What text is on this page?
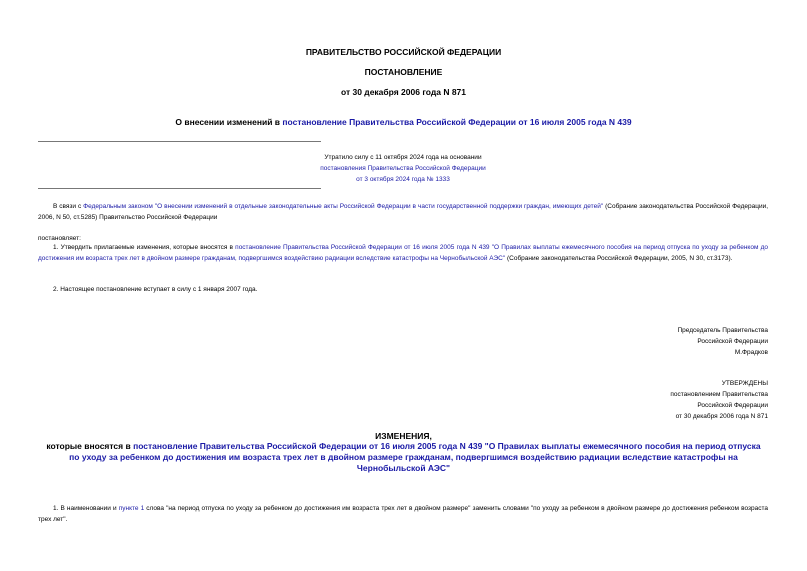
ПРАВИТЕЛЬСТВО РОССИЙСКОЙ ФЕДЕРАЦИИ
ПОСТАНОВЛЕНИЕ
от 30 декабря 2006 года N 871
О внесении изменений в постановление Правительства Российской Федерации от 16 июля 2005 года N 439
Утратило силу с 11 октября 2024 года на основании
постановления Правительства Российской Федерации
от 3 октября 2024 года № 1333
В связи с Федеральным законом "О внесении изменений в отдельные законодательные акты Российской Федерации в части государственной поддержки граждан, имеющих детей" (Собрание законодательства Российской Федерации, 2006, N 50, ст.5285) Правительство Российской Федерации
постановляет:
1. Утвердить прилагаемые изменения, которые вносятся в постановление Правительства Российской Федерации от 16 июля 2005 года N 439 "О Правилах выплаты ежемесячного пособия на период отпуска по уходу за ребенком до достижения им возраста трех лет в двойном размере гражданам, подвергшимся воздействию радиации вследствие катастрофы на Чернобыльской АЭС" (Собрание законодательства Российской Федерации, 2005, N 30, ст.3173).
2. Настоящее постановление вступает в силу с 1 января 2007 года.
Председатель Правительства
Российской Федерации
М.Фрадков
УТВЕРЖДЕНЫ
постановлением Правительства
Российской Федерации
от 30 декабря 2006 года N 871
ИЗМЕНЕНИЯ,
которые вносятся в постановление Правительства Российской Федерации от 16 июля 2005 года N 439 "О Правилах выплаты ежемесячного пособия на период отпуска по уходу за ребенком до достижения им возраста трех лет в двойном размере гражданам, подвергшимся воздействию радиации вследствие катастрофы на Чернобыльской АЭС"
1. В наименовании и пункте 1 слова "на период отпуска по уходу за ребенком до достижения им возраста трех лет в двойном размере" заменить словами "по уходу за ребенком в двойном размере до достижения ребенком возраста трех лет".
